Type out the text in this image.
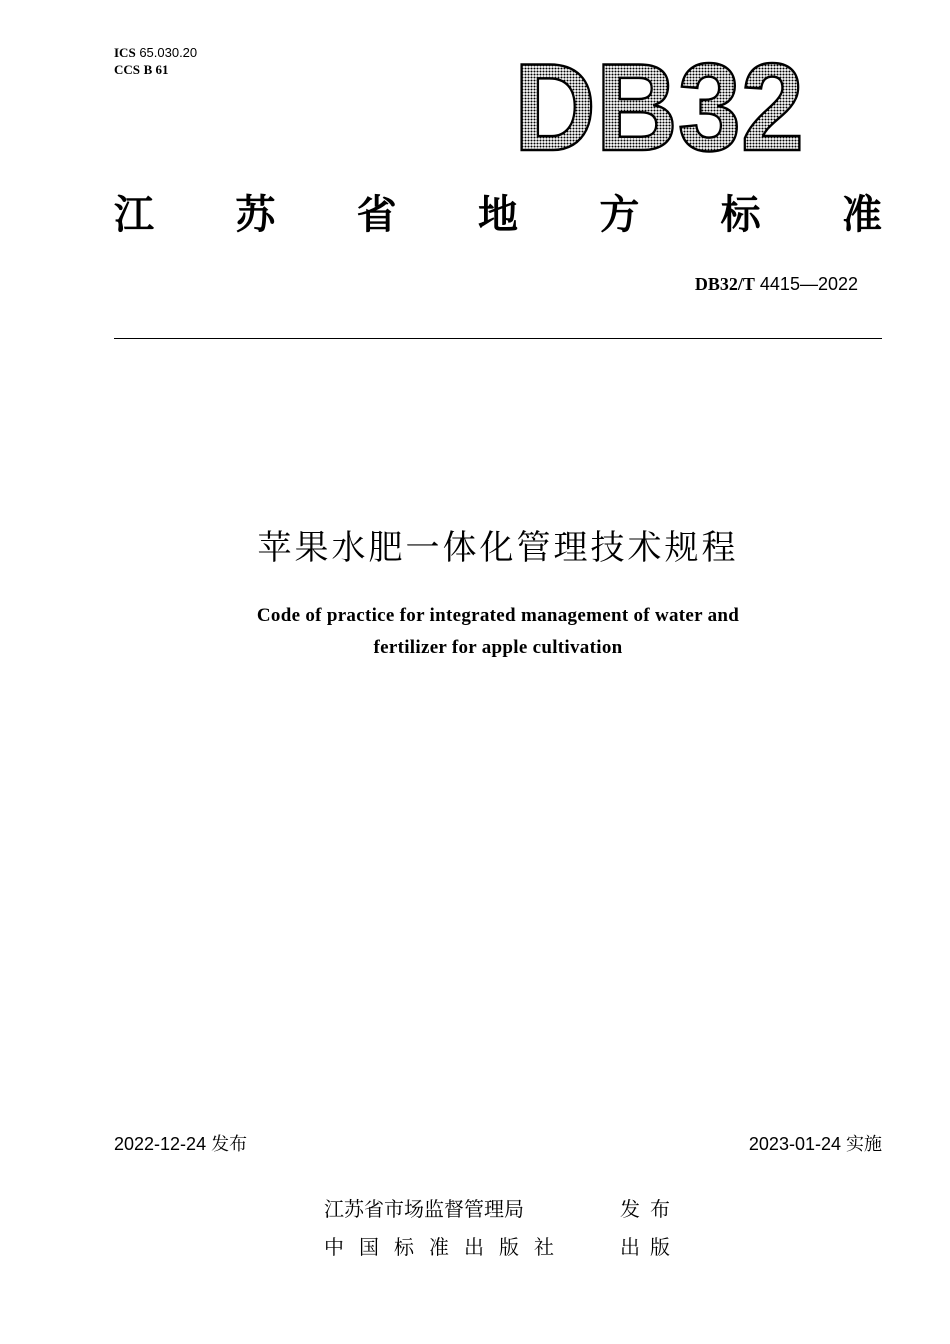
ICS 65.030.20
CCS B 61	DB32
江 苏 省 地 方 标 准
DB32/T 4415—2022
苹果水肥一体化管理技术规程
Code of practice for integrated management of water and
fertilizer for apple cultivation
2022-12-24 发布	2023-01-24 实施
江苏省市场监督管理局	发布
中国标准出版社	出版
